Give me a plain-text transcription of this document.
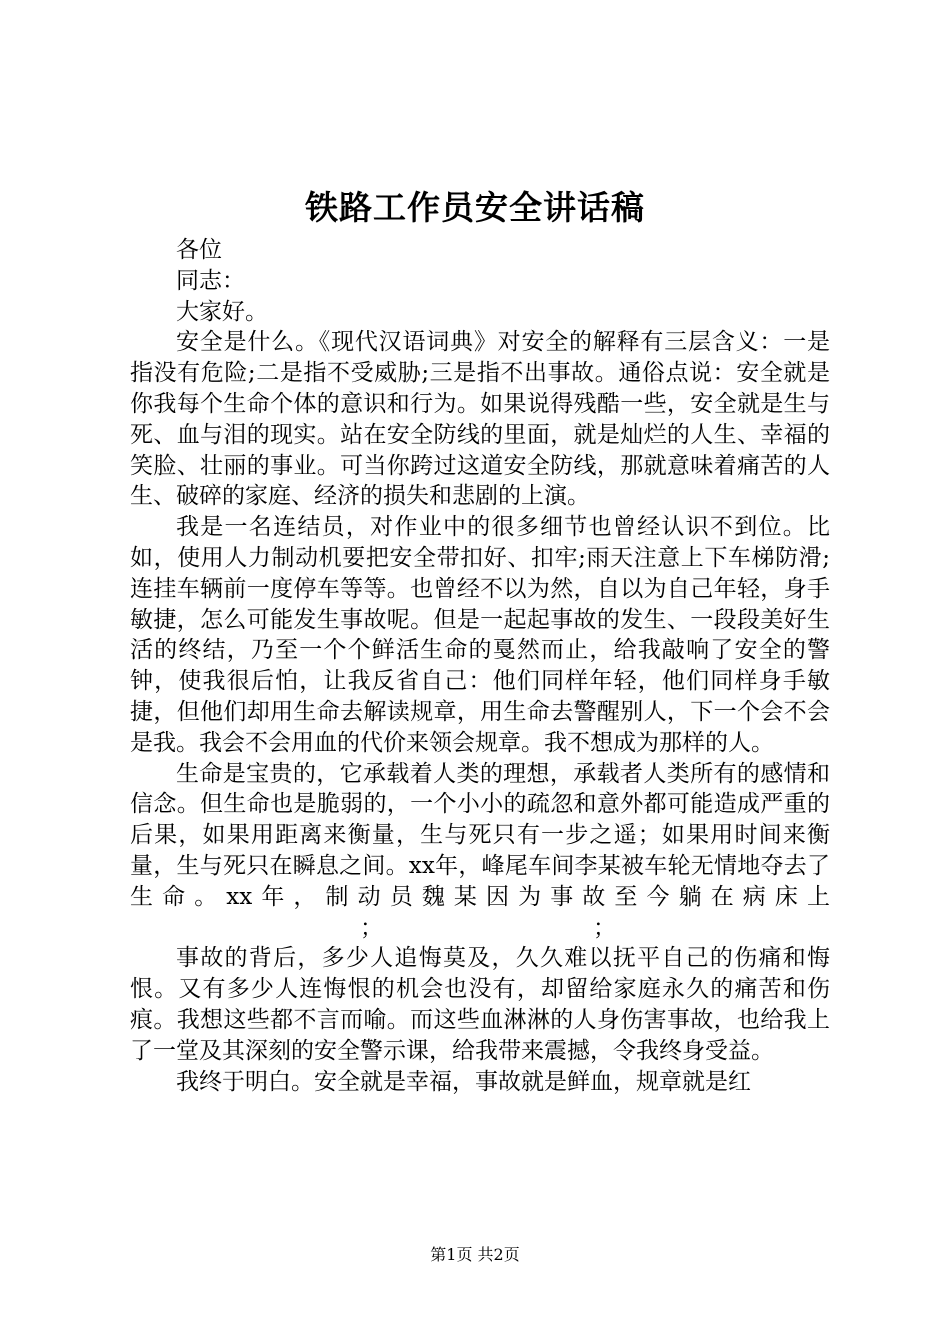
铁路工作员安全讲话稿
各位
同志：
大家好。

安全是什么。《现代汉语词典》对安全的解释有三层含义：一是指没有危险;二是指不受威胁;三是指不出事故。通俗点说：安全就是你我每个生命个体的意识和行为。如果说得残酷一些，安全就是生与死、血与泪的现实。站在安全防线的里面，就是灿烂的人生、幸福的笑脸、壮丽的事业。可当你跨过这道安全防线，那就意味着痛苦的人生、破碎的家庭、经济的损失和悲剧的上演。

我是一名连结员，对作业中的很多细节也曾经认识不到位。比如，使用人力制动机要把安全带扣好、扣牢;雨天注意上下车梯防滑;连挂车辆前一度停车等等。也曾经不以为然，自以为自己年轻，身手敏捷，怎么可能发生事故呢。但是一起起事故的发生、一段段美好生活的终结，乃至一个个鲜活生命的戛然而止，给我敲响了安全的警钟，使我很后怕，让我反省自己：他们同样年轻，他们同样身手敏捷，但他们却用生命去解读规章，用生命去警醒别人，下一个会不会是我。我会不会用血的代价来领会规章。我不想成为那样的人。

生命是宝贵的，它承载着人类的理想，承载者人类所有的感情和信念。但生命也是脆弱的，一个小小的疏忽和意外都可能造成严重的后果，如果用距离来衡量，生与死只有一步之遥；如果用时间来衡量，生与死只在瞬息之间。xx年，峰尾车间李某被车轮无情地夺去了生命。xx年，制动员魏某因为事故至今躺在病床上；	；

事故的背后，多少人追悔莫及，久久难以抚平自己的伤痛和悔恨。又有多少人连悔恨的机会也没有，却留给家庭永久的痛苦和伤痕。我想这些都不言而喻。而这些血淋淋的人身伤害事故，也给我上了一堂及其深刻的安全警示课，给我带来震撼，令我终身受益。

我终于明白。安全就是幸福，事故就是鲜血，规章就是红

第1页 共2页
